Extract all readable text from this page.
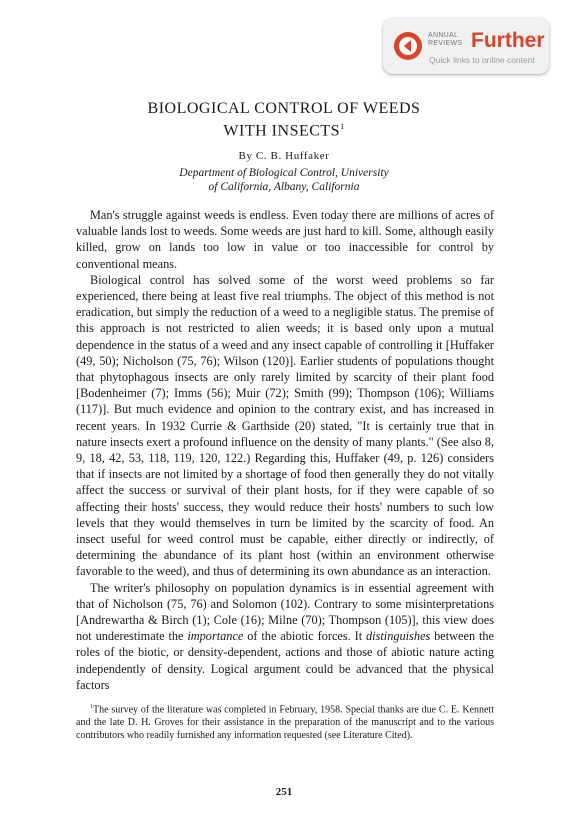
ANNUAL
REVIEWS Further
Quick links to online content
BIOLOGICAL CONTROL OF WEEDS
WITH INSECTS$^1$
By C. B. Huffaker
Department of Biological Control, University
of California, Albany, California

Man's struggle against weeds is endless. Even today there are millions of acres of valuable lands lost to weeds. Some weeds are just hard to kill. Some, although easily killed, grow on lands too low in value or too inaccessible for control by conventional means.

Biological control has solved some of the worst weed problems so far experienced, there being at least five real triumphs. The object of this method is not eradication, but simply the reduction of a weed to a negligible status. The premise of this approach is not restricted to alien weeds; it is based only upon a mutual dependence in the status of a weed and any insect capable of controlling it [Huffaker (49, 50); Nicholson (75, 76); Wilson (120)]. Earlier students of populations thought that phytophagous insects are only rarely limited by scarcity of their plant food [Bodenheimer (7); Imms (56); Muir (72); Smith (99); Thompson (106); Williams (117)]. But much evidence and opinion to the contrary exist, and has increased in recent years. In 1932 Currie & Garthside (20) stated, "It is certainly true that in nature insects exert a profound influence on the density of many plants." (See also 8, 9, 18, 42, 53, 118, 119, 120, 122.) Regarding this, Huffaker (49, p. 126) considers that if insects are not limited by a shortage of food then generally they do not vitally affect the success or survival of their plant hosts, for if they were capable of so affecting their hosts' success, they would reduce their hosts' numbers to such low levels that they would themselves in turn be limited by the scarcity of food. An insect useful for weed control must be capable, either directly or indirectly, of determining the abundance of its plant host (within an environment otherwise favorable to the weed), and thus of determining its own abundance as an interaction.

The writer's philosophy on population dynamics is in essential agreement with that of Nicholson (75, 76) and Solomon (102). Contrary to some misinterpretations [Andrewartha & Birch (1); Cole (16); Milne (70); Thompson (105)], this view does not underestimate the importance of the abiotic forces. It distinguishes between the roles of the biotic, or density-dependent, actions and those of abiotic nature acting independently of density. Logical argument could be advanced that the physical factors

$^1$The survey of the literature was completed in February, 1958. Special thanks are due C. E. Kennett and the late D. H. Groves for their assistance in the preparation of the manuscript and to the various contributors who readily furnished any information requested (see Literature Cited).
251
